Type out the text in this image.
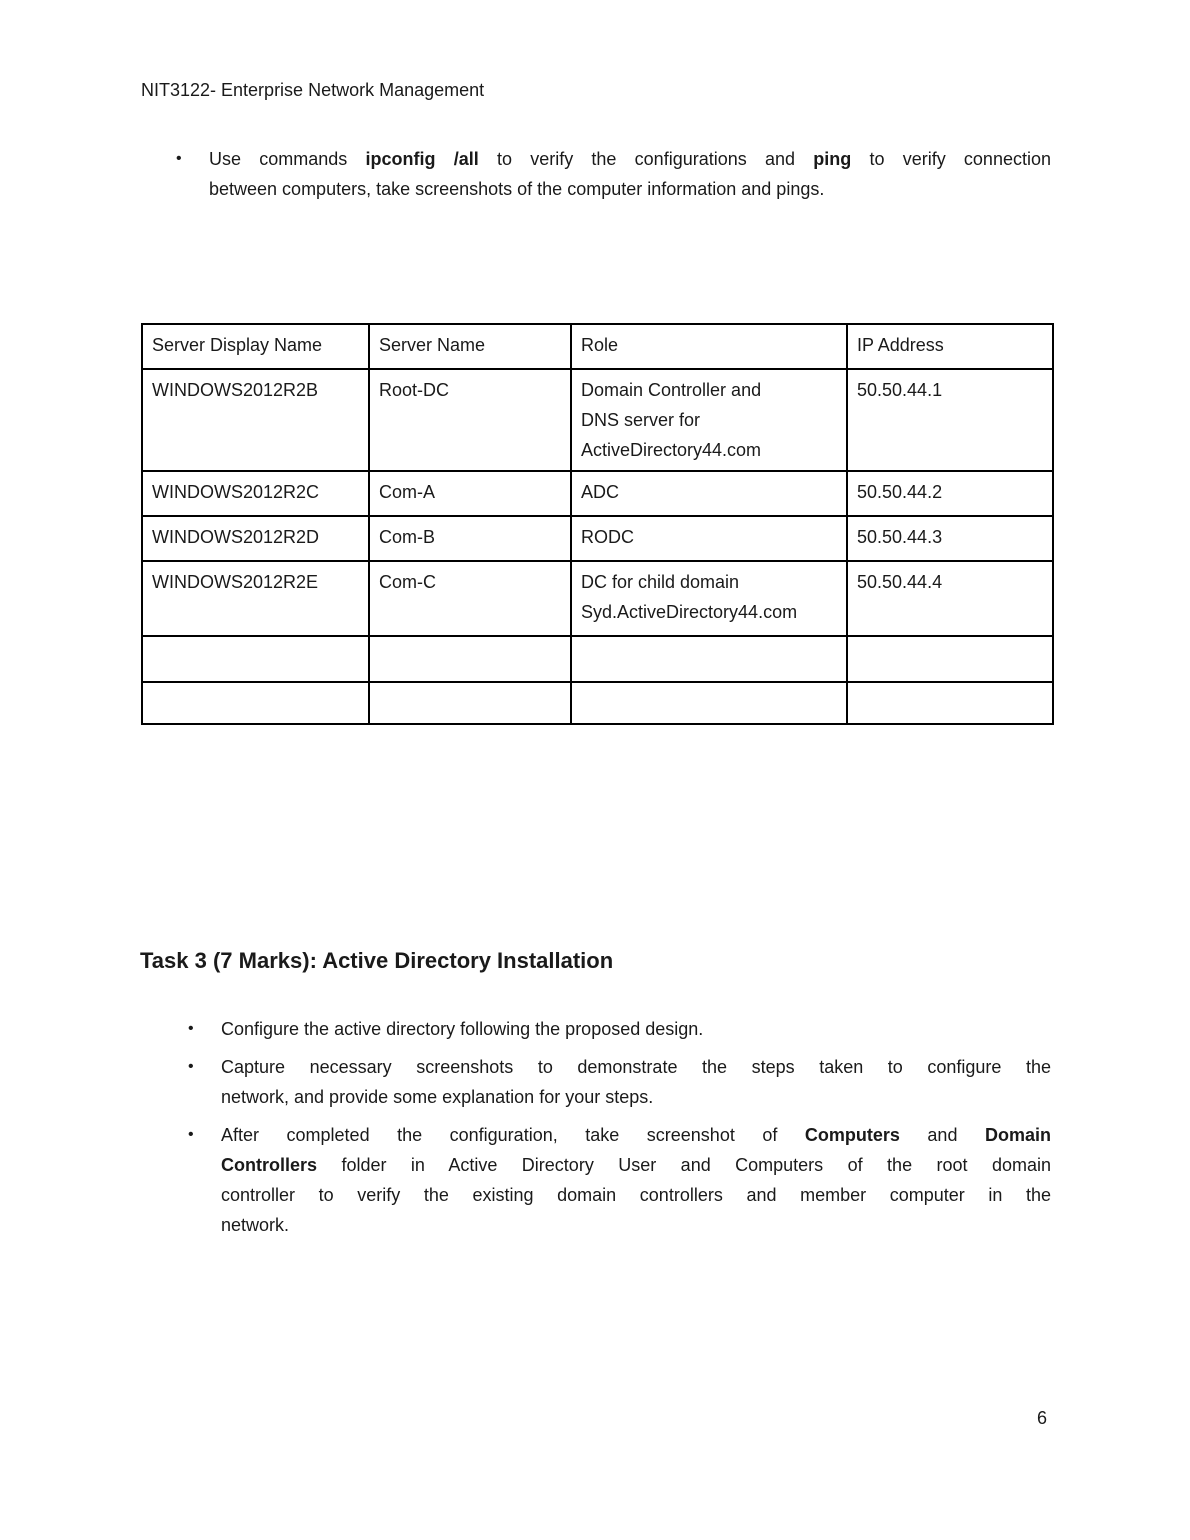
NIT3122- Enterprise Network Management
• Use commands ipconfig /all to verify the configurations and ping to verify connection
between computers, take screenshots of the computer information and pings.
Server Display Name	Server Name	Role	IP Address

WINDOWS2012R2B	Root-DC	Domain Controller and
DNS server for
ActiveDirectory44.com	50.50.44.1

WINDOWS2012R2C	Com-A	ADC	50.50.44.2

WINDOWS2012R2D	Com-B	RODC	50.50.44.3

WINDOWS2012R2E	Com-C	DC for child domain
Syd.ActiveDirectory44.com	50.50.44.4

Task 3 (7 Marks): Active Directory Installation
• Configure the active directory following the proposed design.
• Capture necessary screenshots to demonstrate the steps taken to configure the
network, and provide some explanation for your steps.
• After completed the configuration, take screenshot of Computers and Domain
Controllers folder in Active Directory User and Computers of the root domain
controller to verify the existing domain controllers and member computer in the
network.
6
